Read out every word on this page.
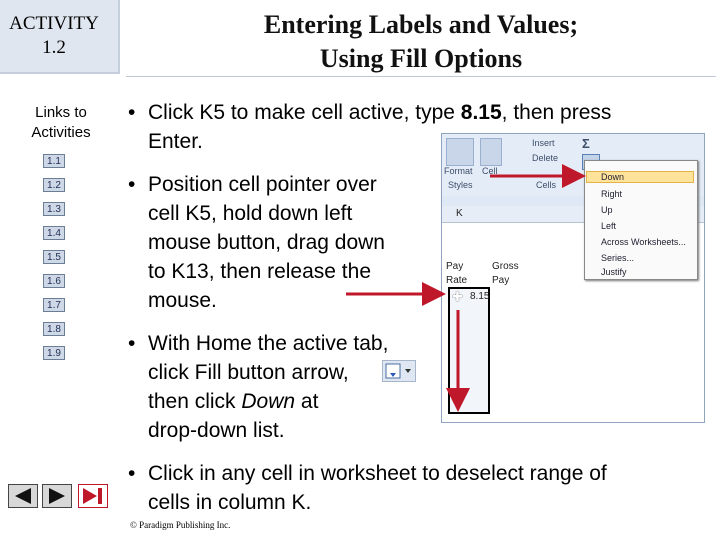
ACTIVITY
1.2
Links to
Activities
1.1
1.2
1.3
1.4
1.5
1.6
1.7
1.8
1.9
Entering Labels and Values;
Using Fill Options
• Click K5 to make cell active, type 8.15, then press
Enter.
• Position cell pointer over
cell K5, hold down left
mouse button, drag down
to K13, then release the
mouse.
• With Home the active tab,
click Fill button arrow,
then click Down at
drop-down list.
• Click in any cell in worksheet to deselect range of
cells in column K.
Format Cell
Insert
Delete
Σ
Styles	Cells
K
Pay	Gross
Rate Pay
8.15
✚
Down
Right
Up
Left
Across Worksheets...
Series...
Justify
© Paradigm Publishing Inc.
